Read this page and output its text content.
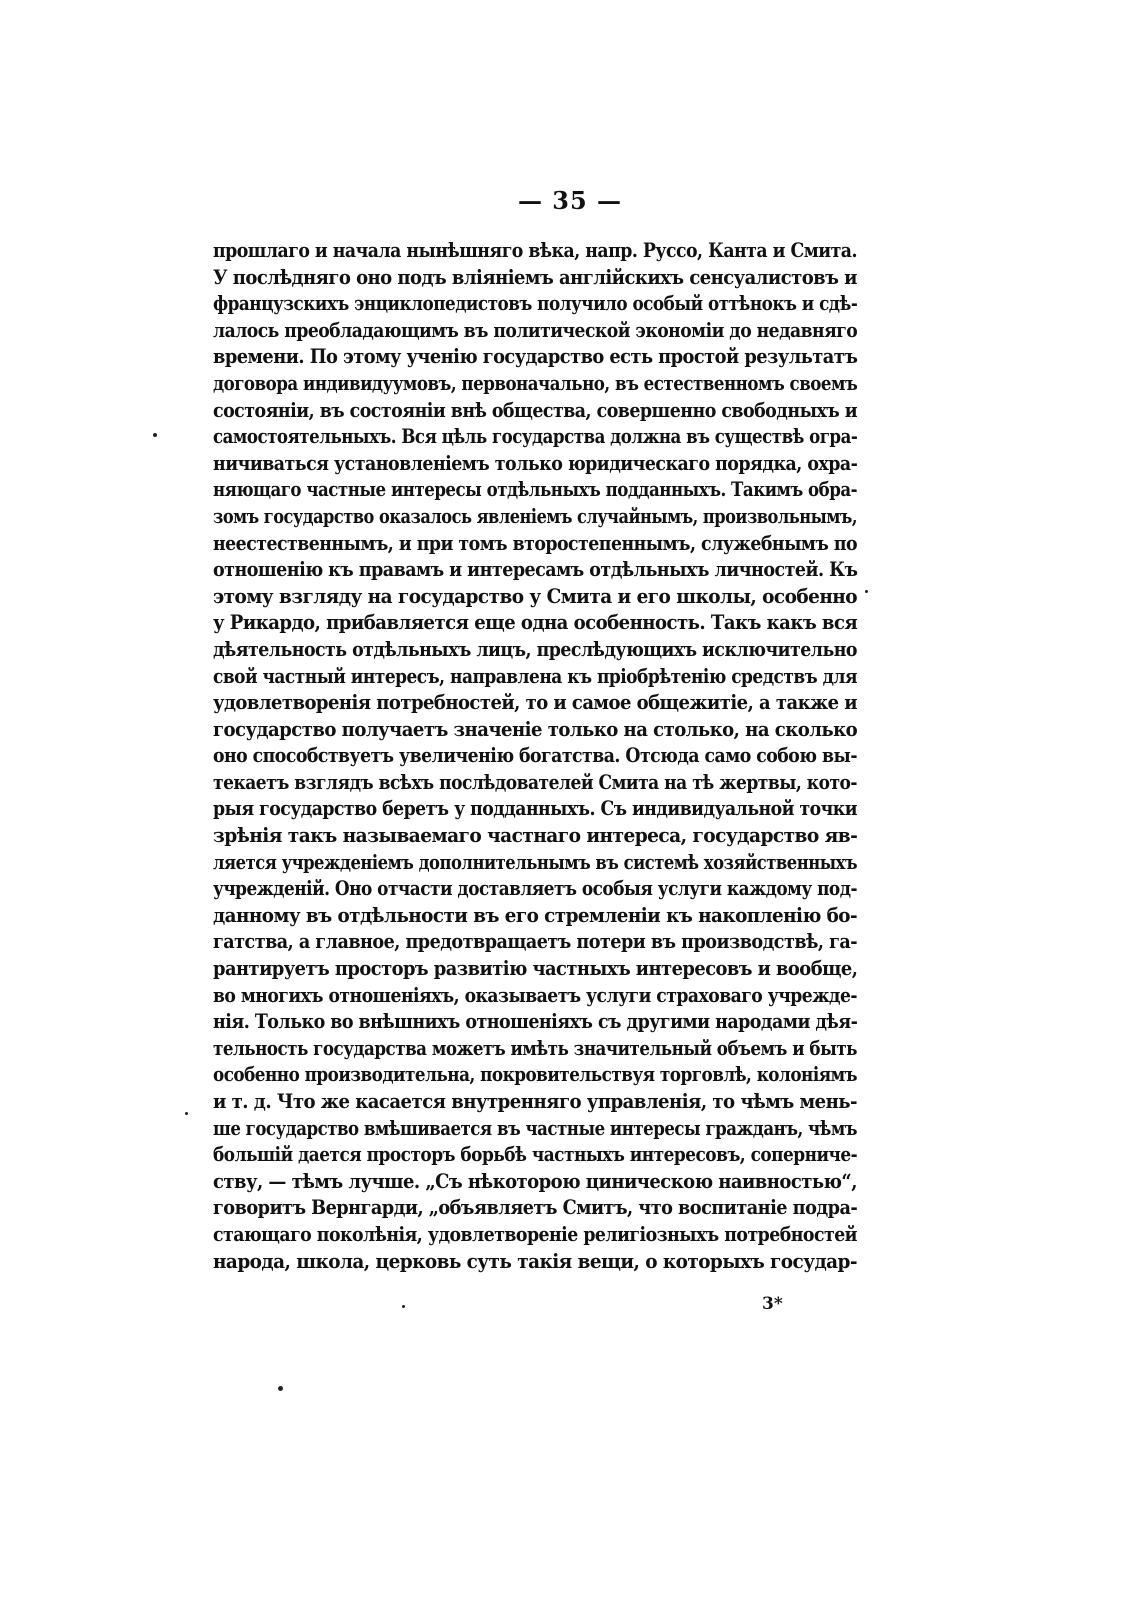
— 35 —
прошлаго и начала нынѣшняго вѣка, напр. Руссо, Канта и Смита.
У послѣдняго оно подъ вліяніемъ англійскихъ сенсуалистовъ и
французскихъ энциклопедистовъ получило особый оттѣнокъ и сдѣ-
лалось преобладающимъ въ политической экономіи до недавняго
времени. По этому ученію государство есть простой результатъ
договора индивидуумовъ, первоначально, въ естественномъ своемъ
состояніи, въ состояніи внѣ общества, совершенно свободныхъ и
самостоятельныхъ. Вся цѣль государства должна въ существѣ огра-
ничиваться установленіемъ только юридическаго порядка, охра-
няющаго частные интересы отдѣльныхъ подданныхъ. Такимъ обра-
зомъ государство оказалось явленіемъ случайнымъ, произвольнымъ,
неестественнымъ, и при томъ второстепеннымъ, служебнымъ по
отношенію къ правамъ и интересамъ отдѣльныхъ личностей. Къ
этому взгляду на государство у Смита и его школы, особенно
у Рикардо, прибавляется еще одна особенность. Такъ какъ вся
дѣятельность отдѣльныхъ лицъ, преслѣдующихъ исключительно
свой частный интересъ, направлена къ пріобрѣтенію средствъ для
удовлетворенія потребностей, то и самое общежитіе, а также и
государство получаетъ значеніе только на столько, на сколько
оно способствуетъ увеличенію богатства. Отсюда само собою вы-
текаетъ взглядъ всѣхъ послѣдователей Смита на тѣ жертвы, кото-
рыя государство беретъ у подданныхъ. Съ индивидуальной точки
зрѣнія такъ называемаго частнаго интереса, государство яв-
ляется учрежденіемъ дополнительнымъ въ системѣ хозяйственныхъ
учрежденій. Оно отчасти доставляетъ особыя услуги каждому под-
данному въ отдѣльности въ его стремленіи къ накопленію бо-
гатства, а главное, предотвращаетъ потери въ производствѣ, га-
рантируетъ просторъ развитію частныхъ интересовъ и вообще,
во многихъ отношеніяхъ, оказываетъ услуги страховаго учрежде-
нія. Только во внѣшнихъ отношеніяхъ съ другими народами дѣя-
тельность государства можетъ имѣть значительный объемъ и быть
особенно производительна, покровительствуя торговлѣ, колоніямъ
и т. д. Что же касается внутренняго управленія, то чѣмъ мень-
ше государство вмѣшивается въ частные интересы гражданъ, чѣмъ
большій дается просторъ борьбѣ частныхъ интересовъ, соперниче-
ству, — тѣмъ лучше. „Съ нѣкоторою циническою наивностью“,
говоритъ Вернгарди, „объявляетъ Смитъ, что воспитаніе подра-
стающаго поколѣнія, удовлетвореніе религіозныхъ потребностей
народа, школа, церковь суть такія вещи, о которыхъ государ-
3*
